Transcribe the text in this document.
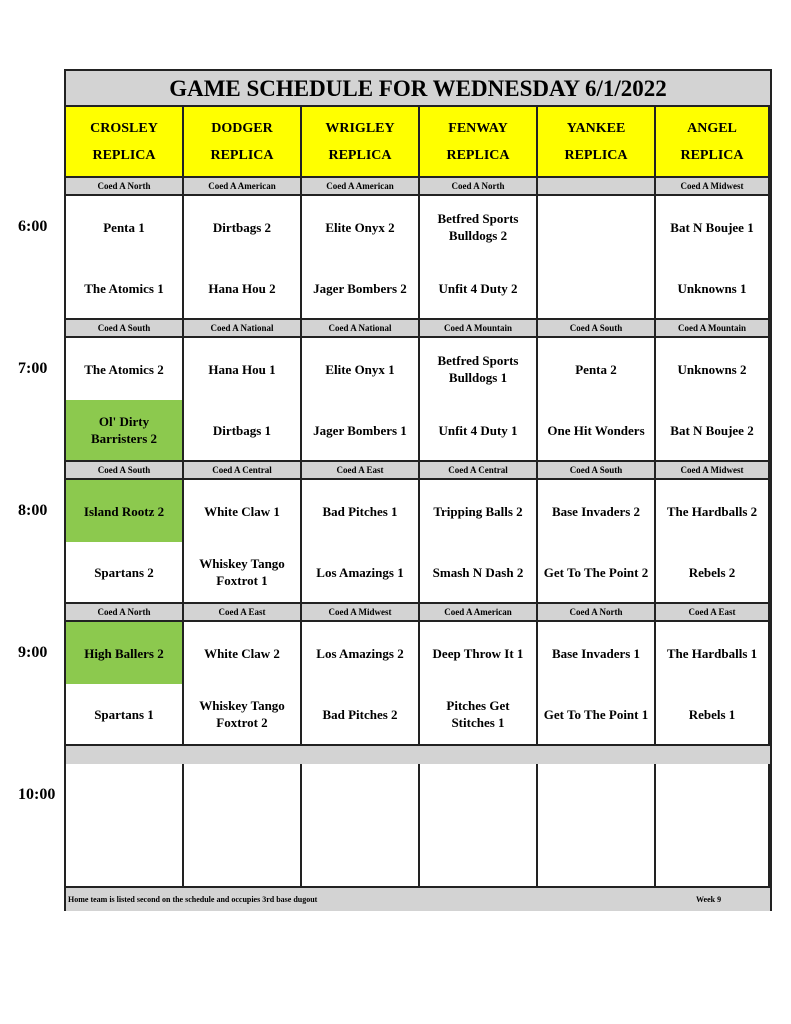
6:00
7:00
8:00
9:00
10:00
GAME SCHEDULE FOR WEDNESDAY 6/1/2022
CROSLEY
REPLICA
DODGER
REPLICA
WRIGLEY
REPLICA
FENWAY
REPLICA
YANKEE
REPLICA
ANGEL
REPLICA
Coed A North
Penta 1
The Atomics 1
Coed A American
Dirtbags 2
Hana Hou 2
Coed A American
Elite Onyx 2
Jager Bombers 2
Coed A North
Betfred Sports Bulldogs 2
Unfit 4 Duty 2
Coed A Midwest
Bat N Boujee 1
Unknowns 1
Coed A South
The Atomics 2
Ol' Dirty Barristers 2
Coed A National
Hana Hou 1
Dirtbags 1
Coed A National
Elite Onyx 1
Jager Bombers 1
Coed A Mountain
Betfred Sports Bulldogs 1
Unfit 4 Duty 1
Coed A South
Penta 2
One Hit Wonders
Coed A Mountain
Unknowns 2
Bat N Boujee 2
Coed A South
Island Rootz 2
Spartans 2
Coed A Central
White Claw 1
Whiskey Tango Foxtrot 1
Coed A East
Bad Pitches 1
Los Amazings 1
Coed A Central
Tripping Balls 2
Smash N Dash 2
Coed A South
Base Invaders 2
Get To The Point 2
Coed A Midwest
The Hardballs 2
Rebels 2
Coed A North
High Ballers 2
Spartans 1
Coed A East
White Claw 2
Whiskey Tango Foxtrot 2
Coed A Midwest
Los Amazings 2
Bad Pitches 2
Coed A American
Deep Throw It 1
Pitches Get Stitches 1
Coed A North
Base Invaders 1
Get To The Point 1
Coed A East
The Hardballs 1
Rebels 1
Home team is listed second on the schedule and occupies 3rd base dugout	Week 9
